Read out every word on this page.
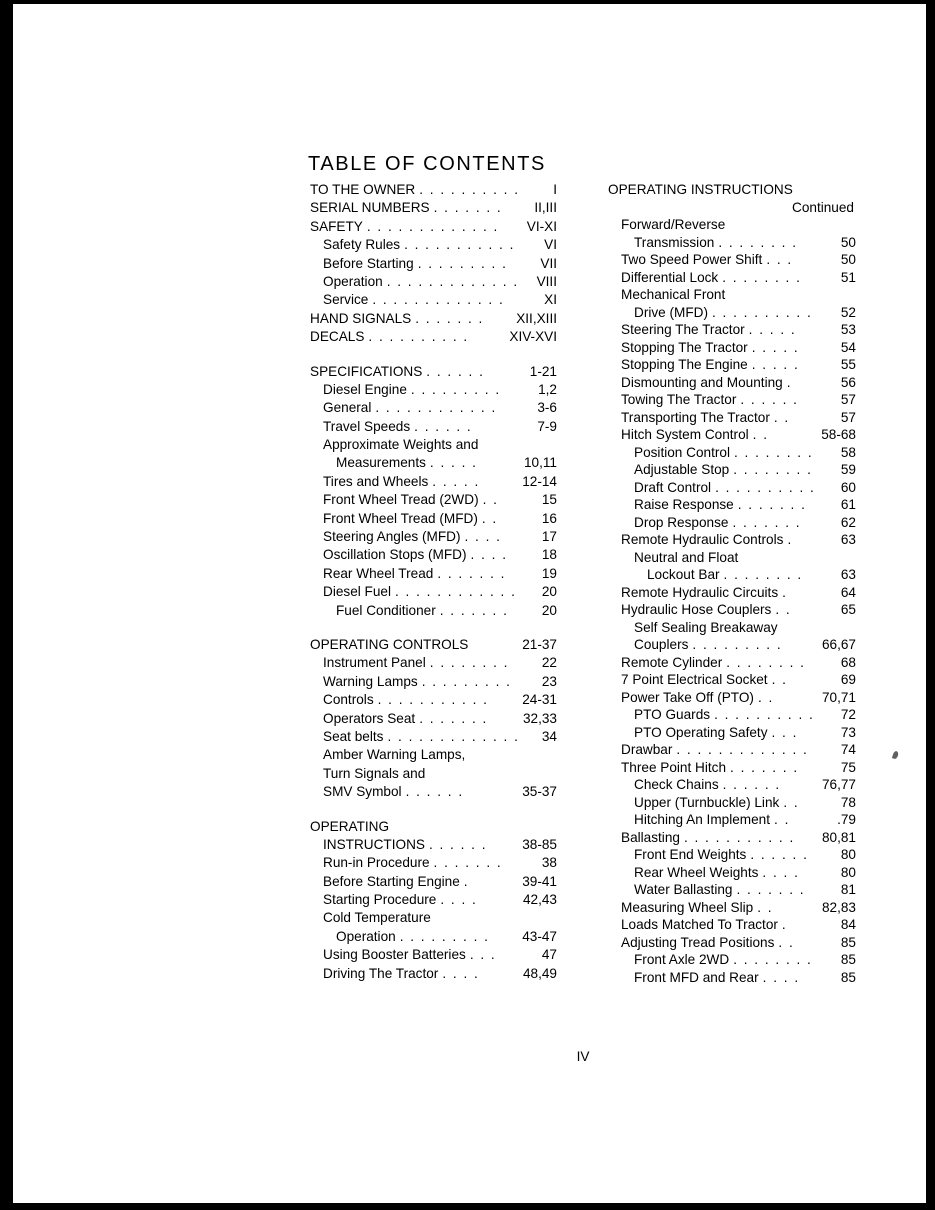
TABLE OF CONTENTS
TO THE OWNER . . . . . . . . . .	I
SERIAL NUMBERS . . . . . . .	II,III
SAFETY . . . . . . . . . . . . .	VI-XI
Safety Rules . . . . . . . . . . .	VI
Before Starting . . . . . . . . .	VII
Operation . . . . . . . . . . . . .	VIII
Service . . . . . . . . . . . . .	XI
HAND SIGNALS . . . . . . .	XII,XIII
DECALS . . . . . . . . . .	XIV-XVI
SPECIFICATIONS . . . . . .	1-21
Diesel Engine . . . . . . . . .	1,2
General . . . . . . . . . . . .	3-6
Travel Speeds . . . . . .	7-9
Approximate Weights and
Measurements . . . . .	10,11
Tires and Wheels . . . . .	12-14
Front Wheel Tread (2WD) . .	15
Front Wheel Tread (MFD) . .	16
Steering Angles (MFD) . . . .	17
Oscillation Stops (MFD) . . . .	18
Rear Wheel Tread . . . . . . .	19
Diesel Fuel . . . . . . . . . . . .	20
Fuel Conditioner . . . . . . .	20
OPERATING CONTROLS	21-37
Instrument Panel . . . . . . . .	22
Warning Lamps . . . . . . . . .	23
Controls . . . . . . . . . . .	24-31
Operators Seat . . . . . . .	32,33
Seat belts . . . . . . . . . . . . .	34
Amber Warning Lamps,
Turn Signals and
SMV Symbol . . . . . .	35-37
OPERATING
INSTRUCTIONS . . . . . .	38-85
Run-in Procedure . . . . . . .	38
Before Starting Engine .	39-41
Starting Procedure . . . .	42,43
Cold Temperature
Operation . . . . . . . . .	43-47
Using Booster Batteries . . .	47
Driving The Tractor . . . .	48,49
OPERATING INSTRUCTIONS
Continued
Forward/Reverse
Transmission . . . . . . . .	50
Two Speed Power Shift . . .	50
Differential Lock . . . . . . . .	51
Mechanical Front
Drive (MFD) . . . . . . . . . .	52
Steering The Tractor . . . . .	53
Stopping The Tractor . . . . .	54
Stopping The Engine . . . . .	55
Dismounting and Mounting .	56
Towing The Tractor . . . . . .	57
Transporting The Tractor . .	57
Hitch System Control . .	58-68
Position Control . . . . . . . .	58
Adjustable Stop . . . . . . . .	59
Draft Control . . . . . . . . . .	60
Raise Response . . . . . . .	61
Drop Response . . . . . . .	62
Remote Hydraulic Controls .	63
Neutral and Float
Lockout Bar . . . . . . . .	63
Remote Hydraulic Circuits .	64
Hydraulic Hose Couplers . .	65
Self Sealing Breakaway
Couplers . . . . . . . . .	66,67
Remote Cylinder . . . . . . . .	68
7 Point Electrical Socket . .	69
Power Take Off (PTO) . .	70,71
PTO Guards . . . . . . . . . .	72
PTO Operating Safety . . .	73
Drawbar . . . . . . . . . . . . .	74
Three Point Hitch . . . . . . .	75
Check Chains . . . . . .	76,77
Upper (Turnbuckle) Link . .	78
Hitching An Implement . .	.79
Ballasting . . . . . . . . . . .	80,81
Front End Weights . . . . . .	80
Rear Wheel Weights . . . .	80
Water Ballasting . . . . . . .	81
Measuring Wheel Slip . .	82,83
Loads Matched To Tractor .	84
Adjusting Tread Positions . .	85
Front Axle 2WD . . . . . . . .	85
Front MFD and Rear . . . .	85
IV
